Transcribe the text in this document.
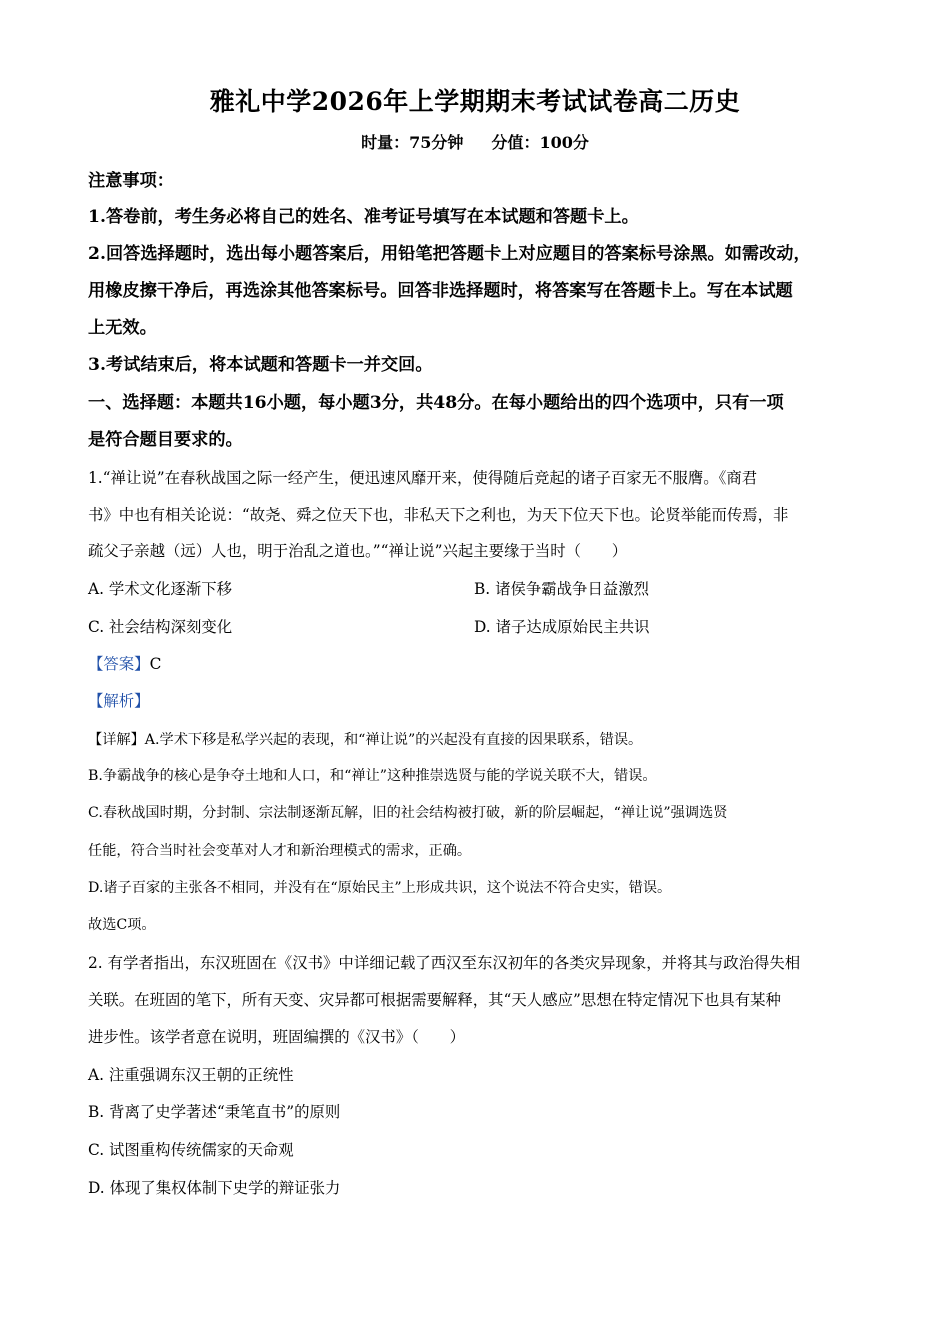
雅礼中学2026年上学期期末考试试卷高二历史
时量：75分钟 分值：100分
注意事项：
1.答卷前，考生务必将自己的姓名、准考证号填写在本试题和答题卡上。
2.回答选择题时，选出每小题答案后，用铅笔把答题卡上对应题目的答案标号涂黑。如需改动，
用橡皮擦干净后，再选涂其他答案标号。回答非选择题时，将答案写在答题卡上。写在本试题
上无效。
3.考试结束后，将本试题和答题卡一并交回。
一、选择题：本题共16小题，每小题3分，共48分。在每小题给出的四个选项中，只有一项
是符合题目要求的。
1.“禅让说”在春秋战国之际一经产生，便迅速风靡开来，使得随后竞起的诸子百家无不服膺。《商君
书》中也有相关论说：“故尧、舜之位天下也，非私天下之利也，为天下位天下也。论贤举能而传焉，非
疏父子亲越（远）人也，明于治乱之道也。”“禅让说”兴起主要缘于当时（　　）
A. 学术文化逐渐下移	B. 诸侯争霸战争日益激烈
C. 社会结构深刻变化	D. 诸子达成原始民主共识
【答案】C
【解析】
【详解】A.学术下移是私学兴起的表现，和“禅让说”的兴起没有直接的因果联系，错误。
B.争霸战争的核心是争夺土地和人口，和“禅让”这种推崇选贤与能的学说关联不大，错误。
C.春秋战国时期，分封制、宗法制逐渐瓦解，旧的社会结构被打破，新的阶层崛起，“禅让说”强调选贤
任能，符合当时社会变革对人才和新治理模式的需求，正确。
D.诸子百家的主张各不相同，并没有在“原始民主”上形成共识，这个说法不符合史实，错误。
故选C项。
2. 有学者指出，东汉班固在《汉书》中详细记载了西汉至东汉初年的各类灾异现象，并将其与政治得失相
关联。在班固的笔下，所有天变、灾异都可根据需要解释，其“天人感应”思想在特定情况下也具有某种
进步性。该学者意在说明，班固编撰的《汉书》（　　）
A. 注重强调东汉王朝的正统性
B. 背离了史学著述“秉笔直书”的原则
C. 试图重构传统儒家的天命观
D. 体现了集权体制下史学的辩证张力
